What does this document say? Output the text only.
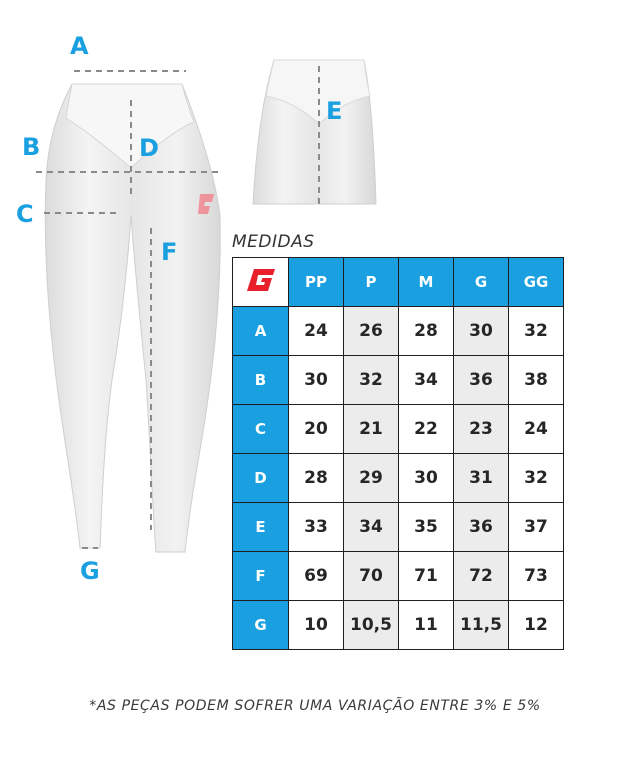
A
B
C
D
E
F
G
MEDIDAS
	PP	P	M	G	GG
A	24	26	28	30	32
B	30	32	34	36	38
C	20	21	22	23	24
D	28	29	30	31	32
E	33	34	35	36	37
F	69	70	71	72	73
G	10	10,5	11	11,5	12
*AS PEÇAS PODEM SOFRER UMA VARIAÇÃO ENTRE 3% E 5%
